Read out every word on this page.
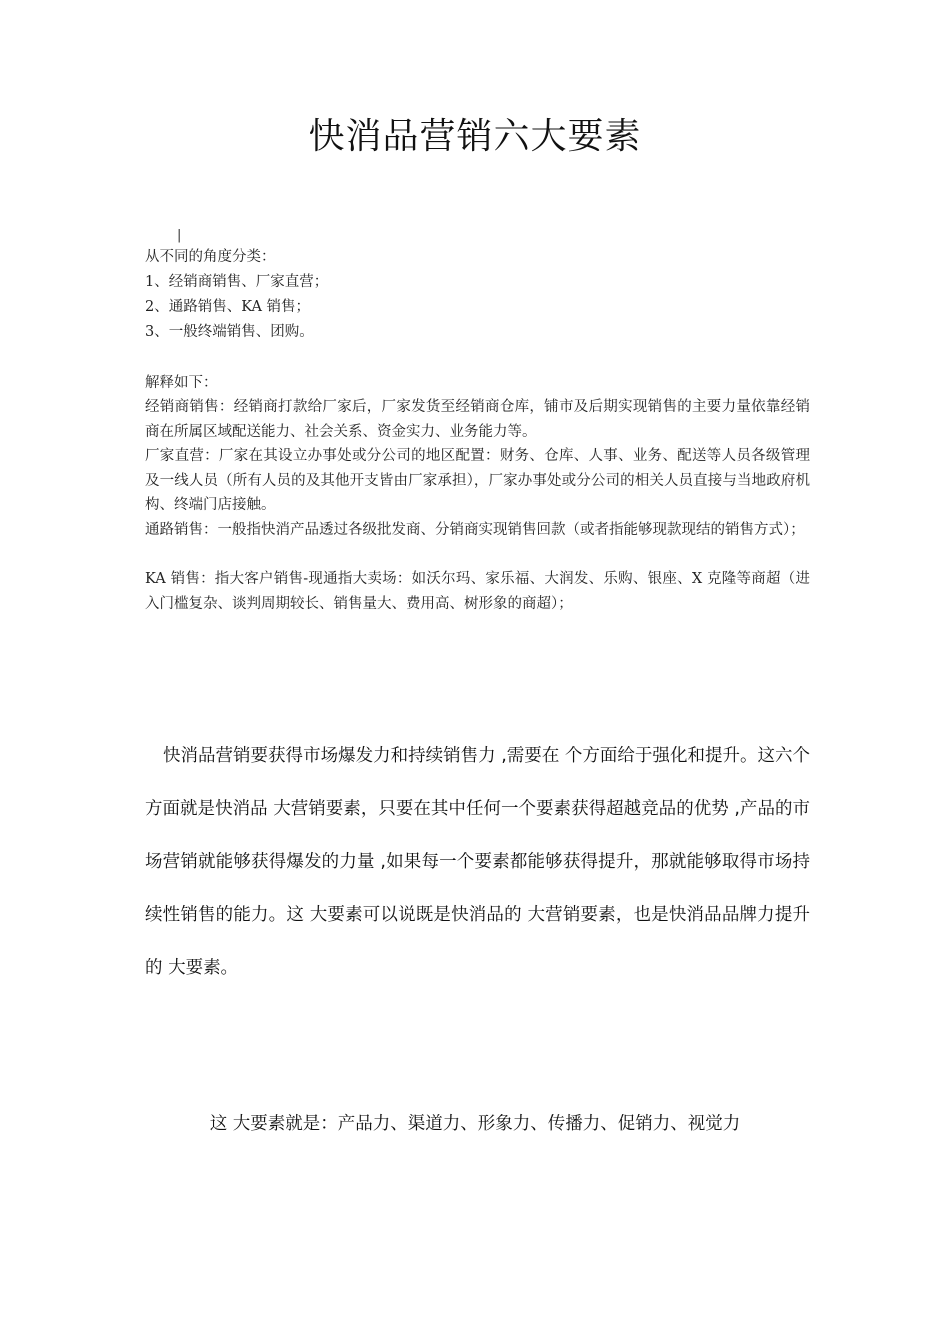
快消品营销六大要素
|
从不同的角度分类：
1、经销商销售、厂家直营；
2、通路销售、KA 销售；
3、一般终端销售、团购。
解释如下：
经销商销售：经销商打款给厂家后，厂家发货至经销商仓库，铺市及后期实现销售的主要力量依靠经销商在所属区域配送能力、社会关系、资金实力、业务能力等。
厂家直营：厂家在其设立办事处或分公司的地区配置：财务、仓库、人事、业务、配送等人员各级管理及一线人员（所有人员的及其他开支皆由厂家承担），厂家办事处或分公司的相关人员直接与当地政府机构、终端门店接触。
通路销售：一般指快消产品透过各级批发商、分销商实现销售回款（或者指能够现款现结的销售方式）；
KA 销售：指大客户销售-现通指大卖场：如沃尔玛、家乐福、大润发、乐购、银座、X 克隆等商超（进入门槛复杂、谈判周期较长、销售量大、费用高、树形象的商超）；
快消品营销要获得市场爆发力和持续销售力 ,需要在 个方面给于强化和提升。这六个方面就是快消品 大营销要素，只要在其中任何一个要素获得超越竞品的优势 ,产品的市场营销就能够获得爆发的力量 ,如果每一个要素都能够获得提升，那就能够取得市场持续性销售的能力。这 大要素可以说既是快消品的 大营销要素，也是快消品品牌力提升的 大要素。
这 大要素就是：产品力、渠道力、形象力、传播力、促销力、视觉力
